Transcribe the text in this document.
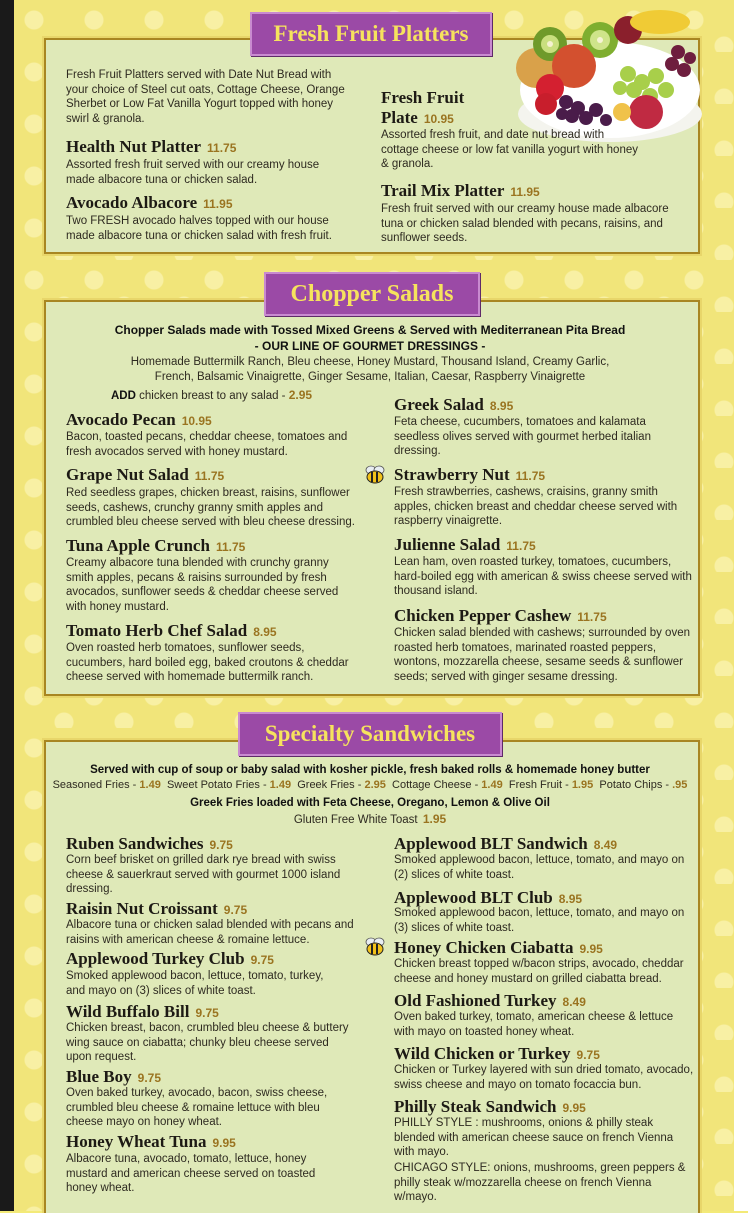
Fresh Fruit Platters

Fresh Fruit Platters served with Date Nut Bread with your choice of Steel cut oats, Cottage Cheese, Orange Sherbet or Low Fat Vanilla Yogurt topped with honey swirl & granola.

Health Nut Platter 11.75

Assorted fresh fruit served with our creamy house made albacore tuna or chicken salad.

Avocado Albacore 11.95

Two FRESH avocado halves topped with our house made albacore tuna or chicken salad with fresh fruit.

Fresh Fruit
Plate 10.95

Assorted fresh fruit, and date nut bread with cottage cheese or low fat vanilla yogurt with honey & granola.

Trail Mix Platter 11.95

Fresh fruit served with our creamy house made albacore tuna or chicken salad blended with pecans, raisins, and sunflower seeds.

Chopper Salads

Chopper Salads made with Tossed Mixed Greens & Served with Mediterranean Pita Bread

- OUR LINE OF GOURMET DRESSINGS -

Homemade Buttermilk Ranch, Bleu cheese, Honey Mustard, Thousand Island, Creamy Garlic,

French, Balsamic Vinaigrette, Ginger Sesame, Italian, Caesar, Raspberry Vinaigrette

ADD chicken breast to any salad - 2.95

Avocado Pecan 10.95

Bacon, toasted pecans, cheddar cheese, tomatoes and fresh avocados served with honey mustard.

Grape Nut Salad 11.75

Red seedless grapes, chicken breast, raisins, sunflower seeds, cashews, crunchy granny smith apples and crumbled bleu cheese served with bleu cheese dressing.

Tuna Apple Crunch 11.75

Creamy albacore tuna blended with crunchy granny smith apples, pecans & raisins surrounded by fresh avocados, sunflower seeds & cheddar cheese served with honey mustard.

Tomato Herb Chef Salad 8.95

Oven roasted herb tomatoes, sunflower seeds, cucumbers, hard boiled egg, baked croutons & cheddar cheese served with homemade buttermilk ranch.

Greek Salad 8.95

Feta cheese, cucumbers, tomatoes and kalamata seedless olives served with gourmet herbed italian dressing.

Strawberry Nut 11.75

Fresh strawberries, cashews, craisins, granny smith apples, chicken breast and cheddar cheese served with raspberry vinaigrette.

Julienne Salad 11.75

Lean ham, oven roasted turkey, tomatoes, cucumbers, hard-boiled egg with american & swiss cheese served with thousand island.

Chicken Pepper Cashew 11.75

Chicken salad blended with cashews; surrounded by oven roasted herb tomatoes, marinated roasted peppers, wontons, mozzarella cheese, sesame seeds & sunflower seeds; served with ginger sesame dressing.

Specialty Sandwiches

Served with cup of soup or baby salad with kosher pickle, fresh baked rolls & homemade honey butter

Seasoned Fries - 1.49 Sweet Potato Fries - 1.49 Greek Fries - 2.95 Cottage Cheese - 1.49 Fresh Fruit - 1.95 Potato Chips - .95

Greek Fries loaded with Feta Cheese, Oregano, Lemon & Olive Oil

Gluten Free White Toast 1.95

Ruben Sandwiches 9.75

Corn beef brisket on grilled dark rye bread with swiss cheese & sauerkraut served with gourmet 1000 island dressing.

Raisin Nut Croissant 9.75

Albacore tuna or chicken salad blended with pecans and raisins with american cheese & romaine lettuce.

Applewood Turkey Club 9.75

Smoked applewood bacon, lettuce, tomato, turkey, and mayo on (3) slices of white toast.

Wild Buffalo Bill 9.75

Chicken breast, bacon, crumbled bleu cheese & buttery wing sauce on ciabatta; chunky bleu cheese served upon request.

Blue Boy 9.75

Oven baked turkey, avocado, bacon, swiss cheese, crumbled bleu cheese & romaine lettuce with bleu cheese mayo on honey wheat.

Honey Wheat Tuna 9.95

Albacore tuna, avocado, tomato, lettuce, honey mustard and american cheese served on toasted honey wheat.

Applewood BLT Sandwich 8.49

Smoked applewood bacon, lettuce, tomato, and mayo on (2) slices of white toast.

Applewood BLT Club 8.95

Smoked applewood bacon, lettuce, tomato, and mayo on (3) slices of white toast.

Honey Chicken Ciabatta 9.95

Chicken breast topped w/bacon strips, avocado, cheddar cheese and honey mustard on grilled ciabatta bread.

Old Fashioned Turkey 8.49

Oven baked turkey, tomato, american cheese & lettuce with mayo on toasted honey wheat.

Wild Chicken or Turkey 9.75

Chicken or Turkey layered with sun dried tomato, avocado, swiss cheese and mayo on tomato focaccia bun.

Philly Steak Sandwich 9.95

PHILLY STYLE : mushrooms, onions & philly steak blended with american cheese sauce on french Vienna with mayo.

CHICAGO STYLE: onions, mushrooms, green peppers & philly steak w/mozzarella cheese on french Vienna w/mayo.
